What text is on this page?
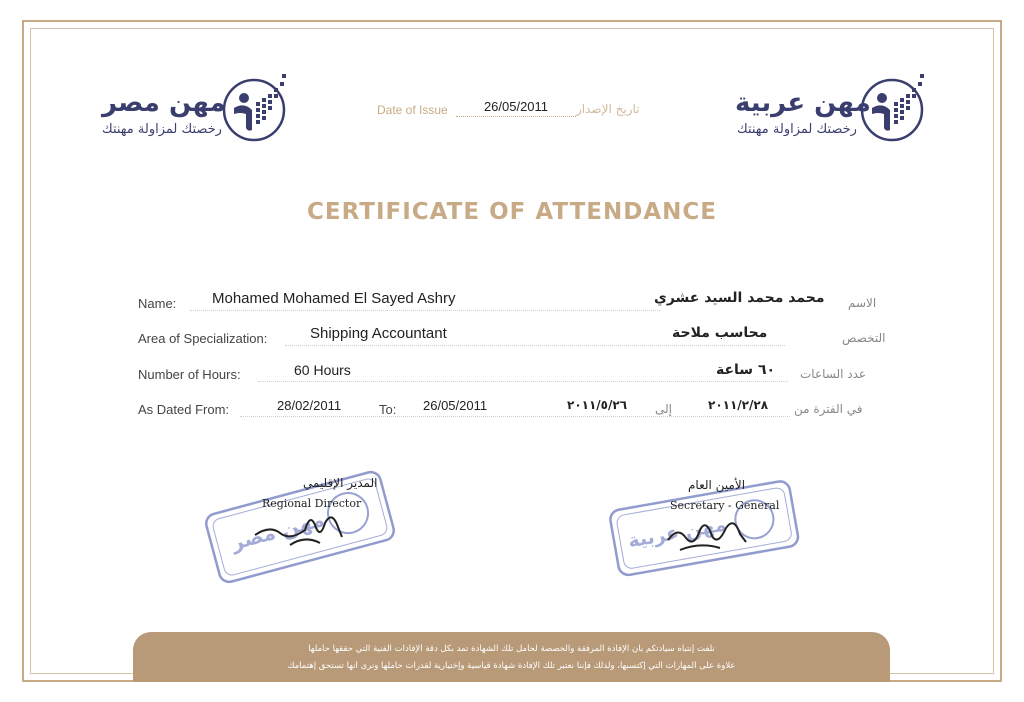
مهن مصر
رخصتك لمزاولة مهنتك
مهن عربية
رخصتك لمزاولة مهنتك
Date of Issue	26/05/2011	تاريخ الإصدار
CERTIFICATE OF ATTENDANCE
Name: Mohamed Mohamed El Sayed Ashry	محمد محمد السيد عشري الاسم
Area of Specialization:	Shipping Accountant	محاسب ملاحة	التخصص
Number of Hours:	60 Hours	٦٠ ساعة عدد الساعات
As Dated From:	28/02/2011	To: 26/05/2011	٢٠١١/٥/٢٦ إلى	٢٠١١/٢/٢٨ في الفترة من
مهن مصر
المدير الإقليمي
Regional Director
مهن عربية
الأمين العام
Secretary - General

نلفت إنتباه سيادتكم بأن الإفادة المرفقة والخصصة لحامل تلك الشهادة تمد بكل دقة الإفادات الفنية التي حققها حاملها

علاوة على المهارات التي إكتسبها، ولذلك فإننا نعتبر تلك الإفادة شهادة قياسية وإختيارية لقدرات حاملها ونرى أنها تستحق إهتمامك
